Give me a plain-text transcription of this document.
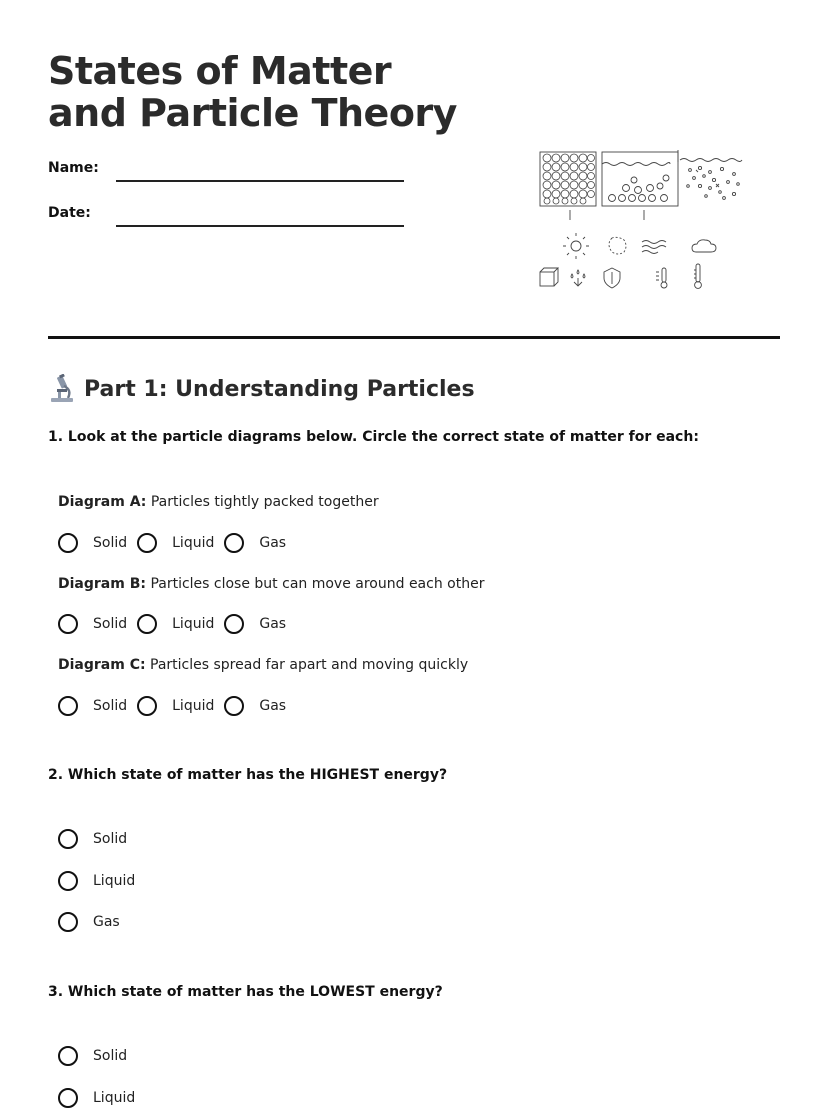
States of Matter and Particle Theory
Name:
Date:
Part 1: Understanding Particles
1. Look at the particle diagrams below. Circle the correct state of matter for each:
Diagram A: Particles tightly packed together
Solid	Liquid	Gas
Diagram B: Particles close but can move around each other
Solid	Liquid	Gas
Diagram C: Particles spread far apart and moving quickly
Solid	Liquid	Gas
2. Which state of matter has the HIGHEST energy?
Solid
Liquid
Gas
3. Which state of matter has the LOWEST energy?
Solid
Liquid
